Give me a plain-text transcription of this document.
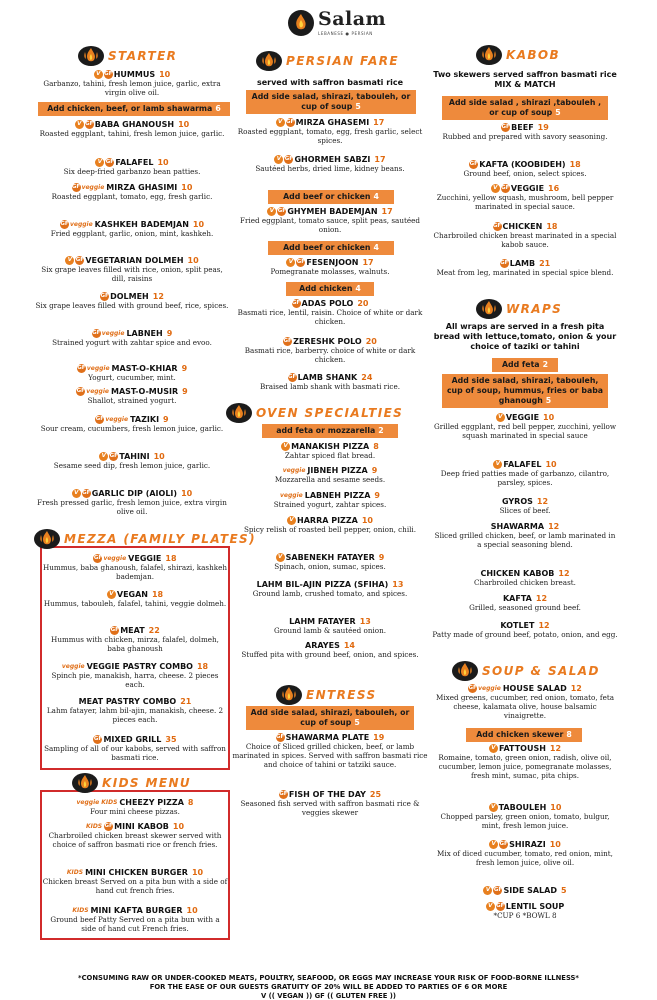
Salam
LEBANESE ● PERSIAN
STARTER
V GFHUMMUS 10
Garbanzo, tahini, fresh lemon juice, garlic, extra virgin olive oil.
V GFBABA GHANOUSH 10
Roasted eggplant, tahini, fresh lemon juice, garlic.
V GFFALAFEL 10
Six deep-fried garbanzo bean patties.
GFveggie MIRZA GHASIMI 10
Roasted eggplant, tomato, egg, fresh garlic.
GFveggie KASHKEH BADEMJAN 10
Fried eggplant, garlic, onion, mint, kashkeh.
V GFVEGETARIAN DOLMEH 10
Six grape leaves filled with rice, onion, split peas, dill, raisins
GFDOLMEH 12
Six grape leaves filled with ground beef, rice, spices.
GFveggie LABNEH 9
Strained yogurt with zahtar spice and evoo.
GFveggie MAST-O-KHIAR 9
Yogurt, cucumber, mint.
GFveggie MAST-O-MUSIR 9
Shallot, strained yogurt.
GFveggie TAZIKI 9
Sour cream, cucumbers, fresh lemon juice, garlic.
V GFTAHINI 10
Sesame seed dip, fresh lemon juice, garlic.
V GFGARLIC DIP (AIOLI) 10
Fresh pressed garlic, fresh lemon juice, extra virgin olive oil.
Add chicken, beef, or lamb shawarma 6
MEZZA (FAMILY PLATES)
GFveggie VEGGIE 18
Hummus, baba ghanoush, falafel, shirazi, kashkeh bademjan.
V VEGAN 18
Hummus, tabouleh, falafel, tahini, veggie dolmeh.
GFMEAT 22
Hummus with chicken, mirza, falafel, dolmeh, baba ghanoush
veggie VEGGIE PASTRY COMBO 18
Spinch pie, manakish, harra, cheese. 2 pieces each.
MEAT PASTRY COMBO 21
Lahm fatayer, lahm bil-ajin, manakish, cheese. 2 pieces each.
GFMIXED GRILL 35
Sampling of all of our kabobs, served with saffron basmati rice.
KIDS MENU
veggie KIDS CHEEZY PIZZA 8
Four mini cheese pizzas.
KIDS GFMINI KABOB 10
Charbroiled chicken breast skewer served with choice of saffron basmati rice or french fries.
KIDS MINI CHICKEN BURGER 10
Chicken breast Served on a pita bun with a side of hand cut french fries.
KIDS MINI KAFTA BURGER 10
Ground beef Patty Served on a pita bun with a side of hand cut French fries.
PERSIAN FARE
served with saffron basmati rice
Add side salad, shirazi, tabouleh, or cup of soup 5
V GFMIRZA GHASEMI 17
Roasted eggplant, tomato, egg, fresh garlic, select spices.
V GFGHORMEH SABZI 17
Sautéed herbs, dried lime, kidney beans.
V GFGHYMEH BADEMJAN 17
Fried eggplant, tomato sauce, split peas, sautéed onion.
V GFFESENJOON 17
Pomegranate molasses, walnuts.
GFADAS POLO 20
Basmati rice, lentil, raisin. Choice of white or dark chicken.
GFZERESHK POLO 20
Basmati rice, barberry. choice of white or dark chicken.
GFLAMB SHANK 24
Braised lamb shank with basmati rice.
Add beef or chicken 4
Add beef or chicken 4
Add chicken 4
OVEN SPECIALTIES
add feta or mozzarella 2
V MANAKISH PIZZA 8
Zahtar spiced flat bread.
veggie JIBNEH PIZZA 9
Mozzarella and sesame seeds.
veggie LABNEH PIZZA 9
Strained yogurt, zahtar spices.
V HARRA PIZZA 10
Spicy relish of roasted bell pepper, onion, chili.
V SABENEKH FATAYER 9
Spinach, onion, sumac, spices.
LAHM BIL-AJIN PIZZA (SFIHA) 13
Ground lamb, crushed tomato, and spices.
LAHM FATAYER 13
Ground lamb & sautéed onion.
ARAYES 14
Stuffed pita with ground beef, onion, and spices.
ENTRESS
Add side salad, shirazi, tabouleh, or cup of soup 5
GFSHAWARMA PLATE 19
Choice of Sliced grilled chicken, beef, or lamb marinated in spices. Served with saffron basmati rice and choice of tahini or tatziki sauce.
GFFISH OF THE DAY 25
Seasoned fish served with saffron basmati rice & veggies skewer
KABOB
Two skewers served saffron basmati rice MIX & MATCH
Add side salad , shirazi ,tabouleh , or cup of soup 5
GFBEEF 19
Rubbed and prepared with savory seasoning.
GFKAFTA (KOOBIDEH) 18
Ground beef, onion, select spices.
V GFVEGGIE 16
Zucchini, yellow squash, mushroom, bell pepper marinated in special sauce.
GFCHICKEN 18
Charbroiled chicken breast marinated in a special kabob sauce.
GFLAMB 21
Meat from leg, marinated in special spice blend.
WRAPS
All wraps are served in a fresh pita bread with lettuce,tomato, onion & your choice of taziki or tahini
Add feta 2
Add side salad, shirazi, tabouleh, cup of soup, hummus, fries or baba ghanough 5
V VEGGIE 10
Grilled eggplant, red bell pepper, zucchini, yellow squash marinated in special sauce
V FALAFEL 10
Deep fried patties made of garbanzo, cilantro, parsley, spices.
GYROS 12
Slices of beef.
SHAWARMA 12
Sliced grilled chicken, beef, or lamb marinated in a special seasoning blend.
CHICKEN KABOB 12
Charbroiled chicken breast.
KAFTA 12
Grilled, seasoned ground beef.
KOTLET 12
Patty made of ground beef, potato, onion, and egg.
SOUP & SALAD
GFveggie HOUSE SALAD 12
Mixed greens, cucumber, red onion, tomato, feta cheese, kalamata olive, house balsamic vinaigrette.
V FATTOUSH 12
Romaine, tomato, green onion, radish, olive oil, cucumber, lemon juice, pomegranate molasses, fresh mint, sumac, pita chips.
V TABOULEH 10
Chopped parsley, green onion, tomato, bulgur, mint, fresh lemon juice.
V GFSHIRAZI 10
Mix of diced cucumber, tomato, red onion, mint, fresh lemon juice, olive oil.
V GFSIDE SALAD 5
V GFLENTIL SOUP
*CUP 6 *BOWL 8
Add chicken skewer 8
*CONSUMING RAW OR UNDER-COOKED MEATS, POULTRY, SEAFOOD, OR EGGS MAY INCREASE YOUR RISK OF FOOD-BORNE ILLNESS*
FOR THE EASE OF OUR GUESTS GRATUITY OF 20% WILL BE ADDED TO PARTIES OF 6 OR MORE
V (( VEGAN )) GF (( GLUTEN FREE ))
